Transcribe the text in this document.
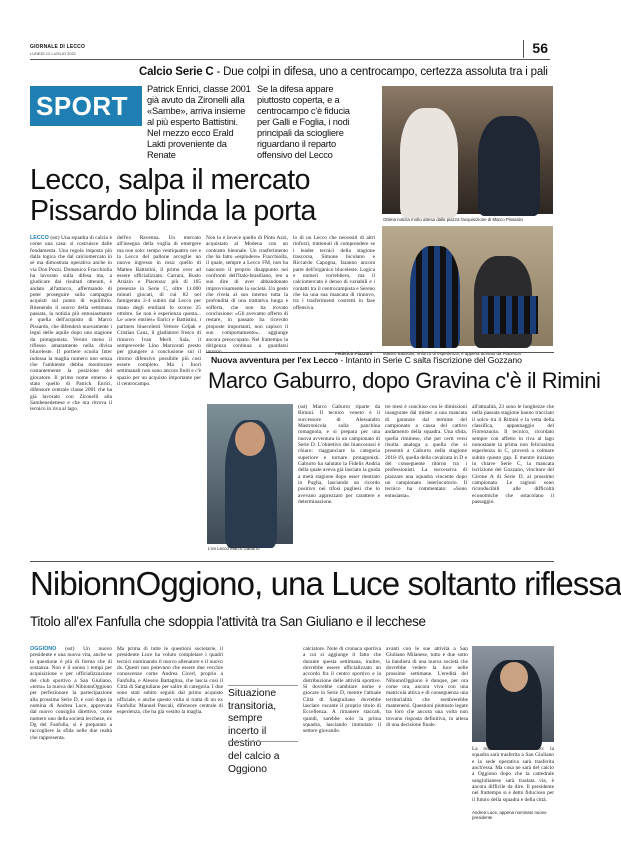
GIORNALE DI LECCO
LUNEDÌ 12 LUGLIO 2021	56
SPORT
Calcio Serie C - Due colpi in difesa, uno a centrocampo, certezza assoluta tra i pali
Patrick Enrici, classe 2001 già avuto da Zironelli alla «Sambe», arriva insieme al più esperto Battistini. Nel mezzo ecco Erald Lakti proveniente da Renate
Se la difesa appare piuttosto coperta, e a centrocampo c'è fiducia per Galli e Foglia, i nodi principali da sciogliere riguardano il reparto offensivo del Lecco
Lecco, salpa il mercato
Pissardo blinda la porta	Ottima notizia molto attesa dalla piazza l'acquisizione di Marco Pissardo
Federico Piazzoni Matteo Battistini, rinforzo di esperienza, e appena arrivato da Piacenza
LECCO (sst) Una squadra di calcio è come una casa: si costruisce dalle fondamenta. Una regola imposta più dalla logica che dal calciomercato in sé ma dimostrata operativa anche in via Don Pozzi. Domenico Fracchiolla ha lavorato sulla difesa ma, a giudicare dai risultati ottenuti, è andato all'attacco, affermando di poter proseguire sulla campagna acquisti sul punto di equilibrio. Ritenendo il nuovo della settimana passata, la notizia più entusiasmante è quella dell'acquisto di Marco Pissardo, che difenderà nuovamente i legni delle aquile dopo una stagione da protagonista. Veruto meno il riflesso amaramente nella divisa bluceleste. Il portiere scuola Inter indossa la maglia numero uno senza che l'ambiente debba monitorare costantemente la posizione del giocatore. Il primo nome emerso è stato quello di Patrick Enrici, difensore centrale classe 2001 che ha già lavorato con Zironelli alla Sambenedettese e che ora ritrova il tecnico in riva al lago.
dell'ex Ravenna. Un mercato all'insegna della voglia di emergere ma non solo: tempo ventiquattro ore e la Lecco del pallone accoglie un nuovo ingresso in rosa: quello di Matteo Battistini, il primo over ad essere ufficializzato. Carrara, Busto Arsizio e Piacenza: più di 165 presenze in Serie C, oltre 11.000 minuti giocati, di cui 82 nel famigerato 2-4 subito dal Lecco per mano degli emiliani lo scorso 25 ottobre. Se non è esperienza questa... Le «new entries» Enrici e Battistini, i partners bluecelesti Vettore Celjak e Cristian Cauz, il gladiatore fresco di rinnovo Ivan Merli Sala, il sempreverde Lino Marzorati presto per giungere a conclusione sui il ritorno difensivo possibile più così essere completo. Ma i fuori settimanali non sono ancora finiti e c'è spazio per un acquisto importante per il centrocampo.
Non lo è invece quello di Pinto Azzi, acquistato al Modena con un contratto biennale. Un trasferimento che ha fatto «esplodere» Fracchiolla, il quale, sempre a Lecco FM, non ha nascosto il proprio disappunto nei confronti dell'Italo-brasiliano, reo a suo dire di aver abbandonato improvvisamente la società. Un gesto che rivela al suo interno tutta la profondità di una trattativa lunga e sofferta, che non ha trovato conclusione: «Gli avevamo offerto di restare, in passato ha ricevuto proposte importanti, non capisco il suo comportamento», aggiunge ancora preoccupato. Nel frattempo la dirigenza continua a guardarsi intorno.
lo di un Lecco che necessiti di altri rinforzi, trattenuti di comprendere se i leader tecnici della stagione trascorsa, Simone Iocolano e Riccardo Capogna, faranno ancora parte dell'organico bluceleste. Logica e numeri vorrebbero, ma il calciomercato è denso di variabili e i contatti tra il centrocampista e Sereno che ha una sua mancata di rinnovo, tra i trasferimenti costretti in fase offensiva.
Nuova avventura per l'ex Lecco - Intanto in Serie C salta l'iscrizione del Gozzano
Marco Gaburro, dopo Gravina c'è il Rimini
L'ex Lecco Marco Gaburro
(sst) Marco Gaburro riparte da Rimini. Il tecnico veneto è il successore di Alessandro Mastronicola sulla panchina romagnola, e si prepara per una nuova avventura in un campionato di Serie D. L'obiettivo dei biancorossi è chiaro: riagganciare la categoria superiore e tornare protagonisti. Gaburro ha salutato la Fidelis Andria della quale aveva già lasciato la guida a metà stagione dopo esser rientrato in Puglia, lasciando un ricordo positivo nei tifosi pugliesi che lo avevano apprezzato per carattere e determinazione.
tre mesi è concluso con le dimissioni inaugurate dal mister a una mancata di garanzie dal termine del campionato a causa del cattivo andamento della squadra. Una sfida, quella riminese, che per certi versi risulta analoga a quella che si presentò a Gaburro nella stagione 2018-19, quella della cavalcata in D e del conseguente ritorno tra i professionisti. La successiva di piazzare una squadra vincente dopo un campionato interlocutorio. Il tecnico ha commentato: «Sono entusiasta».
all'attualità, 23 sono le lunghezze che nella passata stagione hanno tracciato il solco tra il Rimini e la vetta della classifica, appannaggio del Fiorenzuola. Il tecnico, ricordato sempre con affetto in riva al lago nonostante la prima non felicissima esperienza in C, proverà a colmare subito questo gap. E mentre iniziano in chiave Serie C, la mancata iscrizione del Gozzano, vincitore del Girone A di Serie D, al prossimo campionato. Le ragioni sono riconducibili alle difficoltà economiche che ostacolano il passaggio.
NibionnOggiono, una Luce soltanto riflessa
Titolo all'ex Fanfulla che sdoppia l'attività tra San Giuliano e il lecchese
OGGIONO (sst) Un nuovo presidente e una nuova vita, anche se la questione è più di forma che di sostanza. Non è il sonno i tempi per acquisizione e per ufficializzazione del club sportivo a San Giuliano, «terra» la nuova del NibionnOggiono per perfezionare la partecipazione alla prossima Serie D, e così dopo la nomina di Andrea Luce, approvata dal nuovo consiglio direttivo, come numero uno della società leccheze, ex Dg del Fanfulla, si è preparato a raccogliere la sfida nelle due realtà che rappresenta.
Ma prima di tutte le questioni societarie, il presidente Luce ha voluto completare i quadri tecnici nominando il nuovo allenatore e il nuovo ds. Questi non potevano che essere due vecchie conoscenze come Andrea Cicerl, proprio a Fanfulla, e Alessio Battaglina, che lascia così il Città di Sangiuliano per salire di categoria. I due sono stati subito seguiti dal primo acquisto ufficiale, e anche questo volta si tratta di un ex Fanfulla: Manuel Pascali, difensore centrale di esperienza, che ha già vestito la maglia.
Situazione
transitoria, sempre
incerto il destino
del calcio a Oggiono
calciatore. Note di cronaca sportiva a cui si aggiunge il fatto che durante questa settimana, inoltre, dovrebbe essere ufficializzato un accordo fra il centro sportivo e la distribuzione delle attività sportive. Si dovrebbe cambiare nome e giocare in Serie D, mentre l'attuale Città di Sangiuliano dovrebbe lasciare vacante il proprio titolo di Eccellenza. A rimanere staccati, quindi, sarebbe solo la prima squadra, lasciando immutato il settore giovanile.
avanti con le sue attività a San Giuliano Milanese, tutto e due sotto la bandiera di una nuova società che dovrebbe vedere la luce nelle prossime settimane. L'eredità del NibionnOggiono è dunque, per ora come ora, ancora viva con una matricola attiva e di conseguenza una territorialità che sembrerebbe mantenersi. Questioni piuttosto legate tra loro che ancora una volta non trovano risposta definitiva, in attesa di una decisione finale.
La realtà racconta tutt'altro: la squadra sarà trasferita a San Giuliano e la sede operativa sarà trasferita anch'essa. Ma cosa ne sarà del calcio a Oggiono dopo che la cattedrale sangiulianese sarà traslata via, è ancora difficile da dire. Il presidente nel frattempo si è detto fiducioso per il futuro della squadra e della città.
Andrea Luce, appena nominato nuovo presidente
